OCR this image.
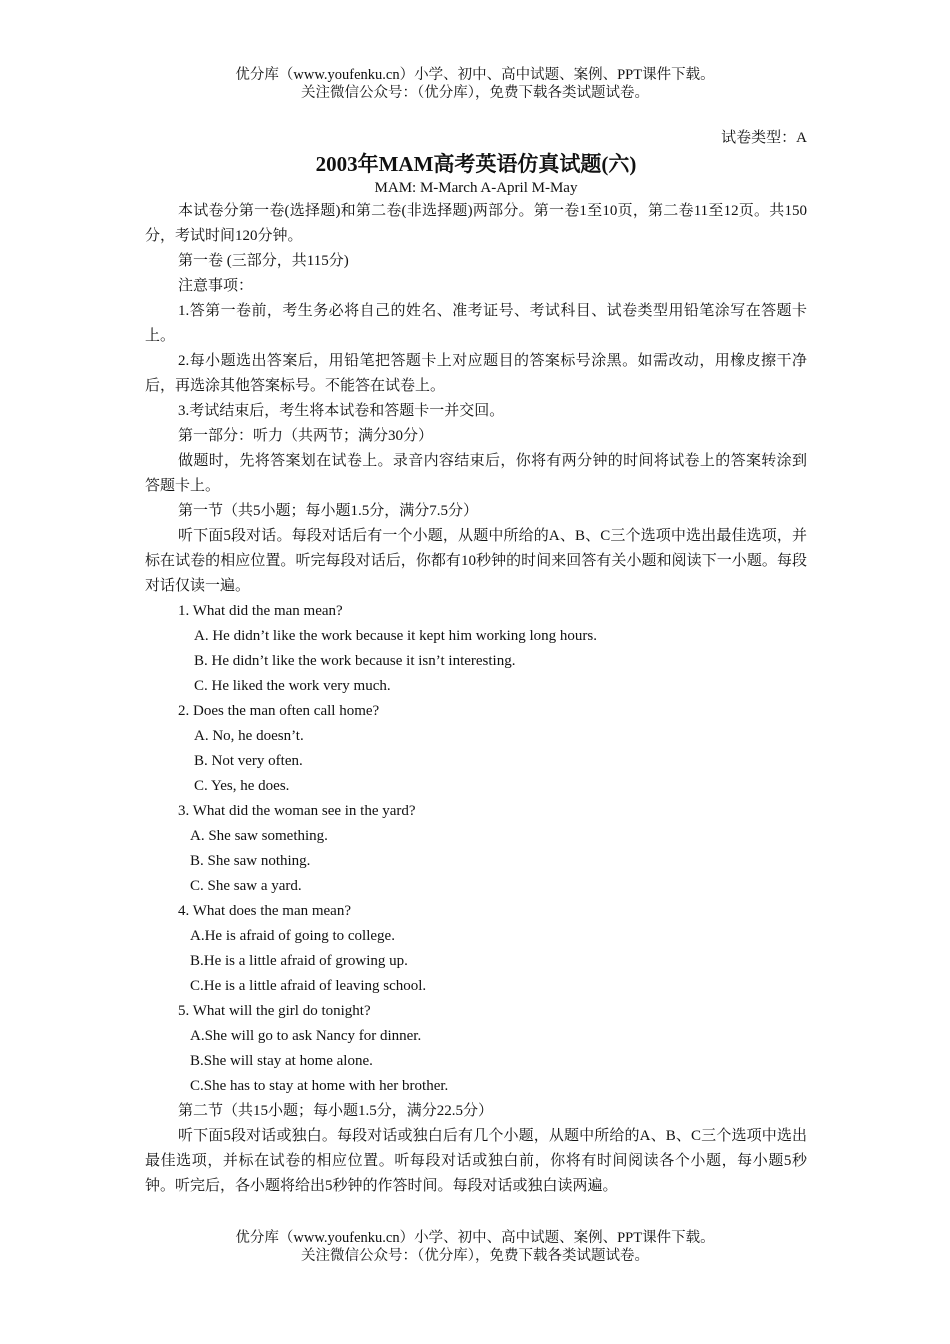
优分库（www.youfenku.cn）小学、初中、高中试题、案例、PPT课件下载。
关注微信公众号：（优分库），免费下载各类试题试卷。
试卷类型：A
2003年MAM高考英语仿真试题(六)
MAM: M-March A-April M-May
本试卷分第一卷(选择题)和第二卷(非选择题)两部分。第一卷1至10页，第二卷11至12页。共150分，考试时间120分钟。
第一卷 (三部分，共115分)
注意事项：
1.答第一卷前，考生务必将自己的姓名、准考证号、考试科目、试卷类型用铅笔涂写在答题卡上。
2.每小题选出答案后，用铅笔把答题卡上对应题目的答案标号涂黑。如需改动，用橡皮擦干净后，再选涂其他答案标号。不能答在试卷上。
3.考试结束后，考生将本试卷和答题卡一并交回。
第一部分：听力（共两节；满分30分）
做题时，先将答案划在试卷上。录音内容结束后，你将有两分钟的时间将试卷上的答案转涂到答题卡上。
第一节（共5小题；每小题1.5分，满分7.5分）
听下面5段对话。每段对话后有一个小题，从题中所给的A、B、C三个选项中选出最佳选项，并标在试卷的相应位置。听完每段对话后，你都有10秒钟的时间来回答有关小题和阅读下一小题。每段对话仅读一遍。
1. What did the man mean?
A. He didn’t like the work because it kept him working long hours.
B. He didn’t like the work because it isn’t interesting.
C. He liked the work very much.
2. Does the man often call home?
A. No, he doesn’t.
B. Not very often.
C. Yes, he does.
3. What did the woman see in the yard?
A. She saw something.
B. She saw nothing.
C. She saw a yard.
4. What does the man mean?
A.He is afraid of going to college.
B.He is a little afraid of growing up.
C.He is a little afraid of leaving school.
5. What will the girl do tonight?
A.She will go to ask Nancy for dinner.
B.She will stay at home alone.
C.She has to stay at home with her brother.
第二节（共15小题；每小题1.5分，满分22.5分）
听下面5段对话或独白。每段对话或独白后有几个小题，从题中所给的A、B、C三个选项中选出最佳选项，并标在试卷的相应位置。听每段对话或独白前，你将有时间阅读各个小题，每小题5秒钟。听完后，各小题将给出5秒钟的作答时间。每段对话或独白读两遍。
优分库（www.youfenku.cn）小学、初中、高中试题、案例、PPT课件下载。
关注微信公众号：（优分库），免费下载各类试题试卷。
